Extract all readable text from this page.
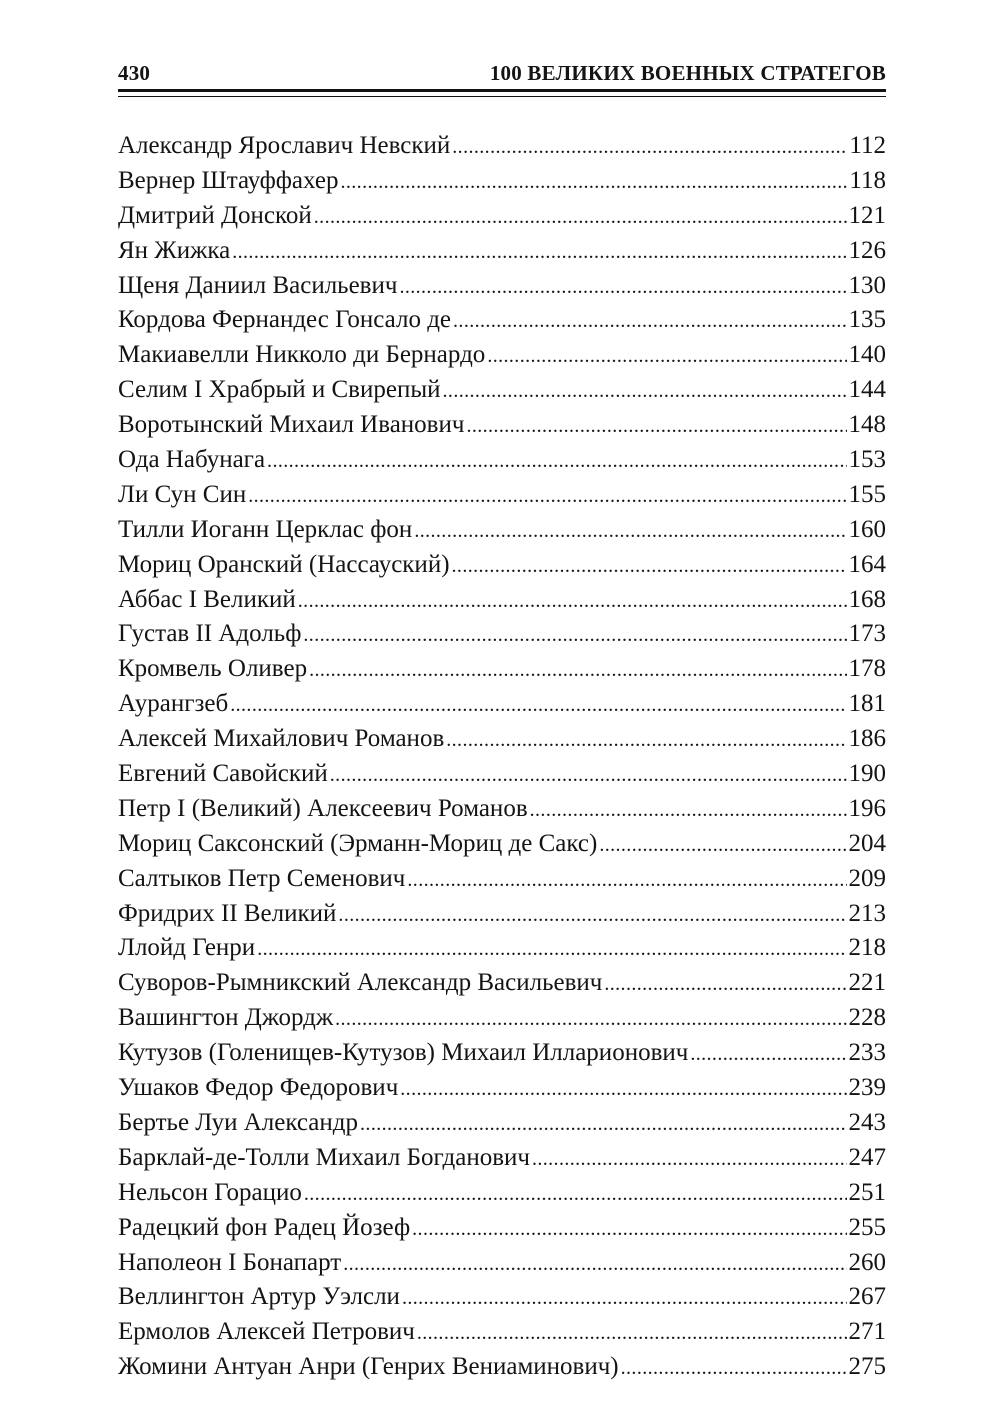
430	100 ВЕЛИКИХ ВОЕННЫХ СТРАТЕГОВ
Александр Ярославич Невский .....	112
Вернер Штауффахер .....	118
Дмитрий Донской .....	121
Ян Жижка .....	126
Щеня Даниил Васильевич .....	130
Кордова Фернандес Гонсало де .....	135
Макиавелли Никколо ди Бернардо .....	140
Селим I Храбрый и Свирепый .....	144
Воротынский Михаил Иванович .....	148
Ода Набунага .....	153
Ли Сун Син .....	155
Тилли Иоганн Церклас фон .....	160
Мориц Оранский (Нассауский) .....	164
Аббас I Великий .....	168
Густав II Адольф .....	173
Кромвель Оливер .....	178
Аурангзеб .....	181
Алексей Михайлович Романов .....	186
Евгений Савойский .....	190
Петр I (Великий) Алексеевич Романов .....	196
Мориц Саксонский (Эрманн-Мориц де Сакс) .....	204
Салтыков Петр Семенович .....	209
Фридрих II Великий .....	213
Ллойд Генри .....	218
Суворов-Рымникский Александр Васильевич .....	221
Вашингтон Джордж .....	228
Кутузов (Голенищев-Кутузов) Михаил Илларионович .....	233
Ушаков Федор Федорович .....	239
Бертье Луи Александр .....	243
Барклай-де-Толли Михаил Богданович .....	247
Нельсон Горацио .....	251
Радецкий фон Радец Йозеф .....	255
Наполеон I Бонапарт .....	260
Веллингтон Артур Уэлсли .....	267
Ермолов Алексей Петрович .....	271
Жомини Антуан Анри (Генрих Вениаминович) .....	275
